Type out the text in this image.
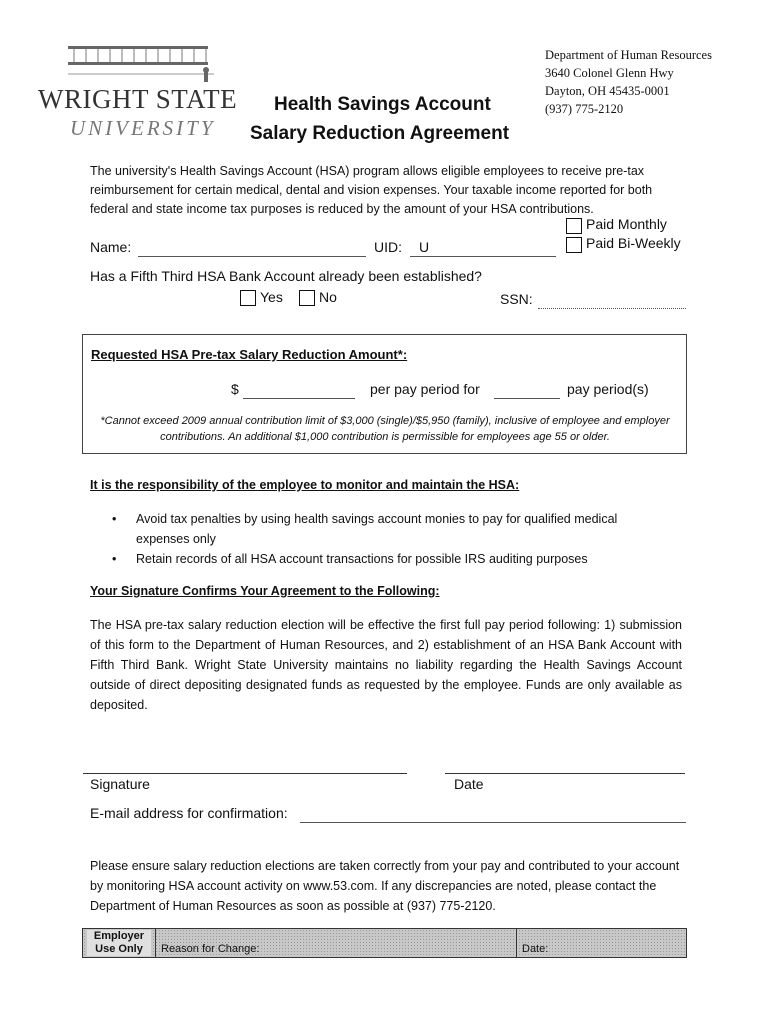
WRIGHT STATE
UNIVERSITY
Department of Human Resources
3640 Colonel Glenn Hwy
Dayton, OH 45435-0001
(937) 775-2120
Health Savings Account
Salary Reduction Agreement
The university's Health Savings Account (HSA) program allows eligible employees to receive pre-tax reimbursement for certain medical, dental and vision expenses. Your taxable income reported for both federal and state income tax purposes is reduced by the amount of your HSA contributions.
Paid Monthly
Paid Bi-Weekly
Name:	UID: U
Has a Fifth Third HSA Bank Account already been established?
Yes	No	SSN:
Requested HSA Pre-tax Salary Reduction Amount*:
$	per pay period for	pay period(s)
*Cannot exceed 2009 annual contribution limit of $3,000 (single)/$5,950 (family), inclusive of employee and employer contributions. An additional $1,000 contribution is permissible for employees age 55 or older.
It is the responsibility of the employee to monitor and maintain the HSA:
• Avoid tax penalties by using health savings account monies to pay for qualified medical expenses only
• Retain records of all HSA account transactions for possible IRS auditing purposes
Your Signature Confirms Your Agreement to the Following:
The HSA pre-tax salary reduction election will be effective the first full pay period following: 1) submission of this form to the Department of Human Resources, and 2) establishment of an HSA Bank Account with Fifth Third Bank. Wright State University maintains no liability regarding the Health Savings Account outside of direct depositing designated funds as requested by the employee. Funds are only available as deposited.
Signature	Date
E-mail address for confirmation:
Please ensure salary reduction elections are taken correctly from your pay and contributed to your account by monitoring HSA account activity on www.53.com. If any discrepancies are noted, please contact the Department of Human Resources as soon as possible at (937) 775-2120.
Employer
Use Only	Reason for Change:	Date:
